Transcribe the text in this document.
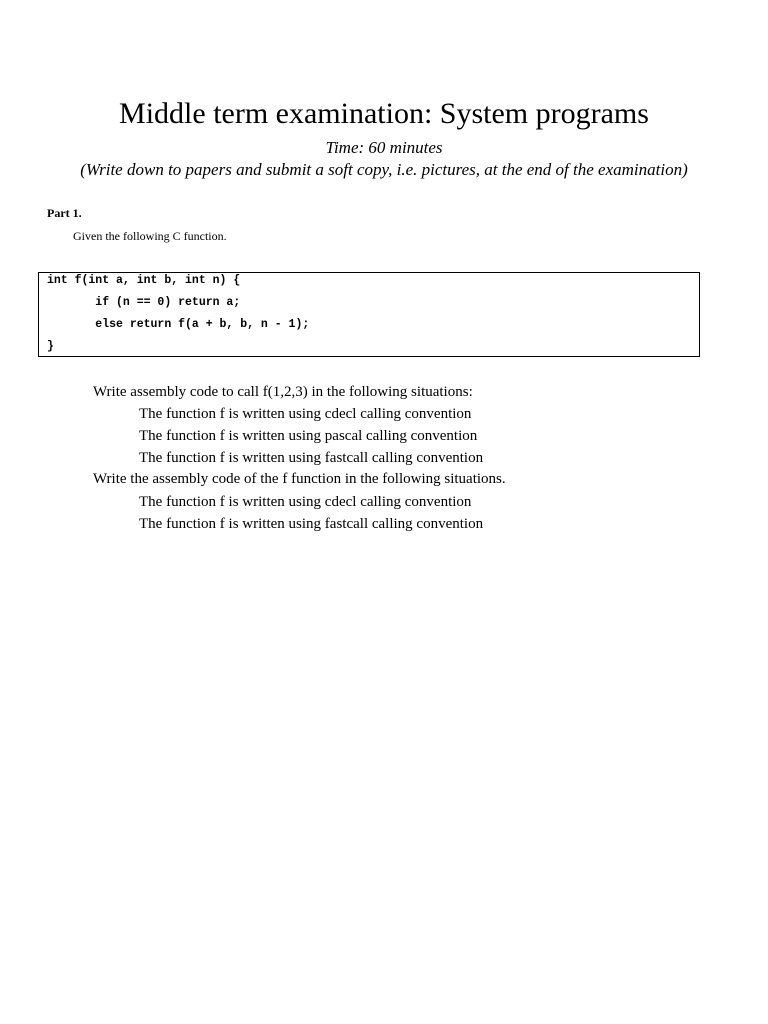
Middle term examination: System programs
Time: 60 minutes
(Write down to papers and submit a soft copy, i.e. pictures, at the end of the examination)
Part 1.
Given the following C function.
int f(int a, int b, int n) {
if (n == 0) return a;
else return f(a + b, b, n - 1);
}
Write assembly code to call f(1,2,3) in the following situations:
The function f is written using cdecl calling convention
The function f is written using pascal calling convention
The function f is written using fastcall calling convention
Write the assembly code of the f function in the following situations.
The function f is written using cdecl calling convention
The function f is written using fastcall calling convention
